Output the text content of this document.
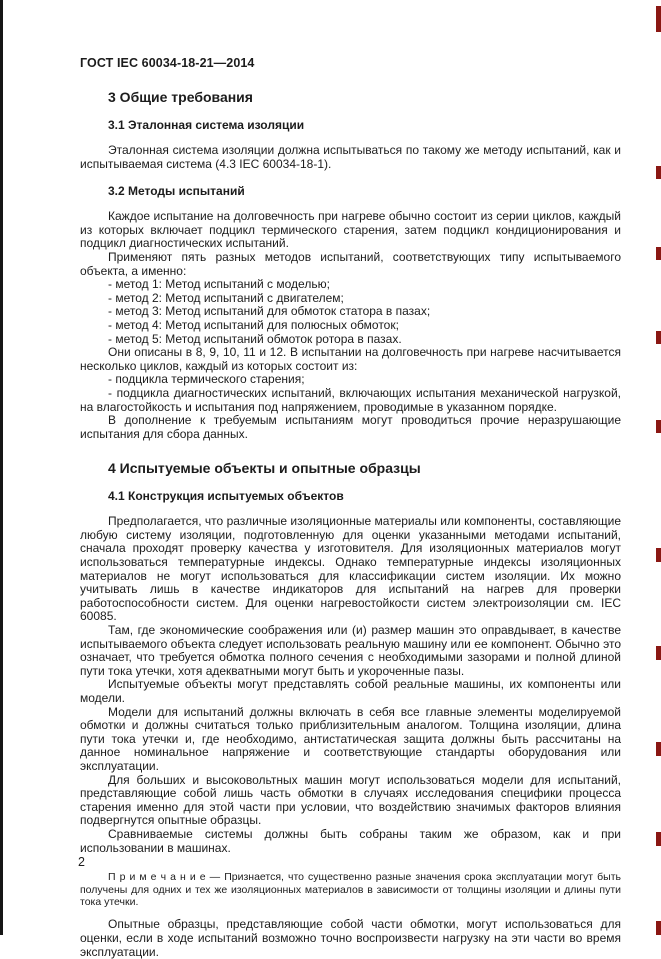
ГОСТ IEC 60034-18-21—2014

3 Общие требования

3.1 Эталонная система изоляции

Эталонная система изоляции должна испытываться по такому же методу испытаний, как и испытываемая система (4.3 IEC 60034-18-1).

3.2 Методы испытаний

Каждое испытание на долговечность при нагреве обычно состоит из серии циклов, каждый из которых включает подцикл термического старения, затем подцикл кондиционирования и подцикл диагностических испытаний.

Применяют пять разных методов испытаний, соответствующих типу испытываемого объекта, а именно:

- метод 1: Метод испытаний с моделью;

- метод 2: Метод испытаний с двигателем;

- метод 3: Метод испытаний для обмоток статора в пазах;

- метод 4: Метод испытаний для полюсных обмоток;

- метод 5: Метод испытаний обмоток ротора в пазах.

Они описаны в 8, 9, 10, 11 и 12. В испытании на долговечность при нагреве насчитывается несколько циклов, каждый из которых состоит из:

- подцикла термического старения;

- подцикла диагностических испытаний, включающих испытания механической нагрузкой, на влагостойкость и испытания под напряжением, проводимые в указанном порядке.

В дополнение к требуемым испытаниям могут проводиться прочие неразрушающие испытания для сбора данных.

4 Испытуемые объекты и опытные образцы

4.1 Конструкция испытуемых объектов

Предполагается, что различные изоляционные материалы или компоненты, составляющие любую систему изоляции, подготовленную для оценки указанными методами испытаний, сначала проходят проверку качества у изготовителя. Для изоляционных материалов могут использоваться температурные индексы. Однако температурные индексы изоляционных материалов не могут использоваться для классификации систем изоляции. Их можно учитывать лишь в качестве индикаторов для испытаний на нагрев для проверки работоспособности систем. Для оценки нагревостойкости систем электроизоляции см. IEC 60085.

Там, где экономические соображения или (и) размер машин это оправдывает, в качестве испытываемого объекта следует использовать реальную машину или ее компонент. Обычно это означает, что требуется обмотка полного сечения с необходимыми зазорами и полной длиной пути тока утечки, хотя адекватными могут быть и укороченные пазы.

Испытуемые объекты могут представлять собой реальные машины, их компоненты или модели.

Модели для испытаний должны включать в себя все главные элементы моделируемой обмотки и должны считаться только приблизительным аналогом. Толщина изоляции, длина пути тока утечки и, где необходимо, антистатическая защита должны быть рассчитаны на данное номинальное напряжение и соответствующие стандарты оборудования или эксплуатации.

Для больших и высоковольтных машин могут использоваться модели для испытаний, представляющие собой лишь часть обмотки в случаях исследования специфики процесса старения именно для этой части при условии, что воздействию значимых факторов влияния подвергнутся опытные образцы.

Сравниваемые системы должны быть собраны таким же образом, как и при использовании в машинах.

П р и м е ч а н и е — Признается, что существенно разные значения срока эксплуатации могут быть получены для одних и тех же изоляционных материалов в зависимости от толщины изоляции и длины пути тока утечки.

Опытные образцы, представляющие собой части обмотки, могут использоваться для оценки, если в ходе испытаний возможно точно воспроизвести нагрузку на эти части во время эксплуатации.

2
